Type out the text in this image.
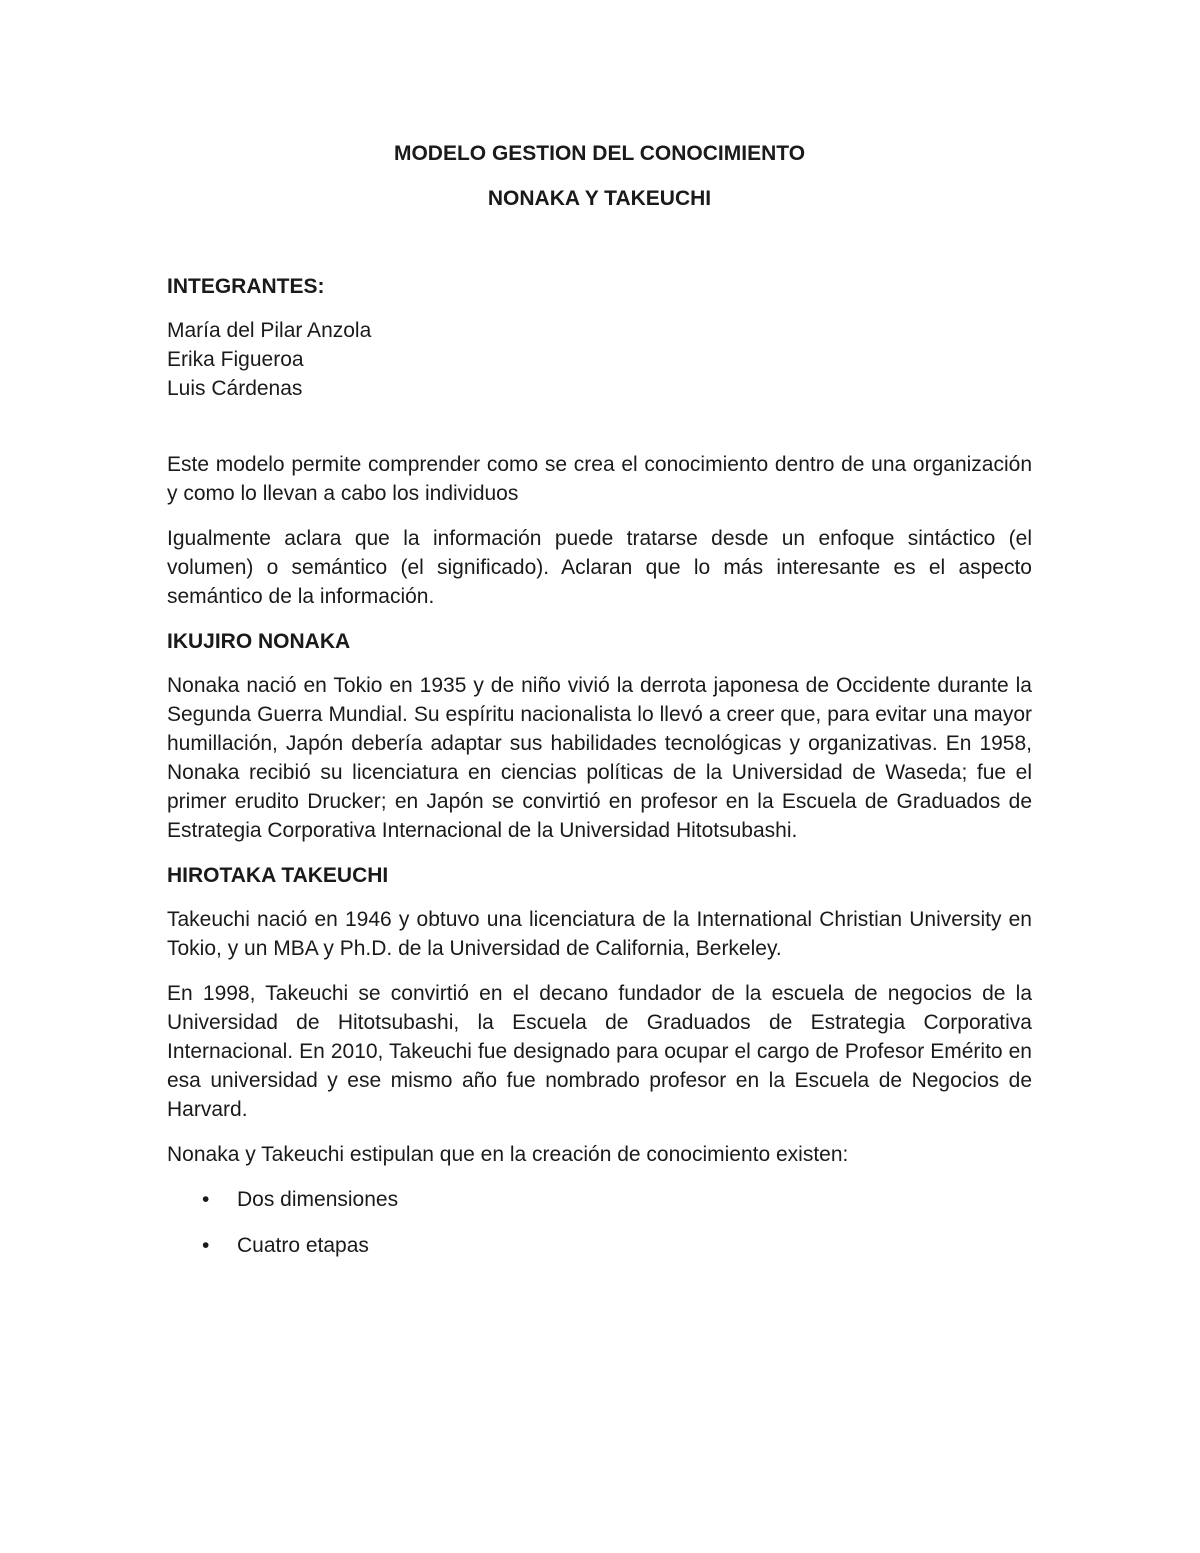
MODELO GESTION DEL CONOCIMIENTO
NONAKA Y TAKEUCHI
INTEGRANTES:
María del Pilar Anzola
Erika Figueroa
Luis Cárdenas

Este modelo permite comprender como se crea el conocimiento dentro de una organización y como lo llevan a cabo los individuos

Igualmente aclara que la información puede tratarse desde un enfoque sintáctico (el volumen) o semántico (el significado). Aclaran que lo más interesante es el aspecto semántico de la información.

IKUJIRO NONAKA

Nonaka nació en Tokio en 1935 y de niño vivió la derrota japonesa de Occidente durante la Segunda Guerra Mundial. Su espíritu nacionalista lo llevó a creer que, para evitar una mayor humillación, Japón debería adaptar sus habilidades tecnológicas y organizativas. En 1958, Nonaka recibió su licenciatura en ciencias políticas de la Universidad de Waseda; fue el primer erudito Drucker; en Japón se convirtió en profesor en la Escuela de Graduados de Estrategia Corporativa Internacional de la Universidad Hitotsubashi.

HIROTAKA TAKEUCHI

Takeuchi nació en 1946 y obtuvo una licenciatura de la International Christian University en Tokio, y un MBA y Ph.D. de la Universidad de California, Berkeley.

En 1998, Takeuchi se convirtió en el decano fundador de la escuela de negocios de la Universidad de Hitotsubashi, la Escuela de Graduados de Estrategia Corporativa Internacional. En 2010, Takeuchi fue designado para ocupar el cargo de Profesor Emérito en esa universidad y ese mismo año fue nombrado profesor en la Escuela de Negocios de Harvard.

Nonaka y Takeuchi estipulan que en la creación de conocimiento existen:

• Dos dimensiones
• Cuatro etapas
